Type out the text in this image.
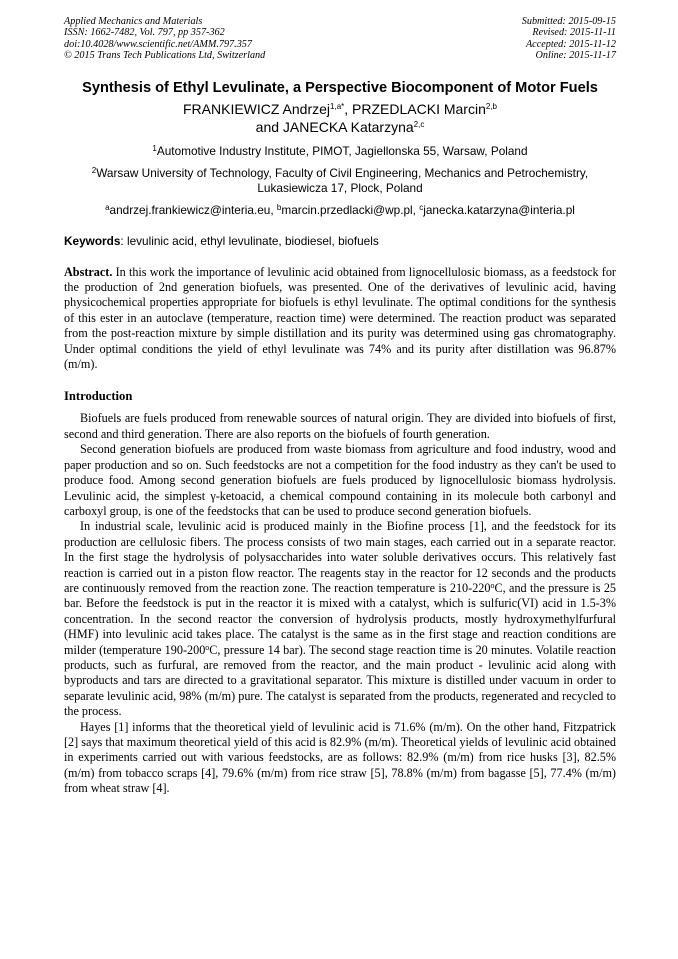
Applied Mechanics and Materials
ISSN: 1662-7482, Vol. 797, pp 357-362
doi:10.4028/www.scientific.net/AMM.797.357
© 2015 Trans Tech Publications Ltd, Switzerland
Submitted: 2015-09-15
Revised: 2015-11-11
Accepted: 2015-11-12
Online: 2015-11-17
Synthesis of Ethyl Levulinate, a Perspective Biocomponent of Motor Fuels
FRANKIEWICZ Andrzej$^{1,a*}$, PRZEDLACKI Marcin$^{2,b}$
and JANECKA Katarzyna$^{2,c}$
$^1$Automotive Industry Institute, PIMOT, Jagiellonska 55, Warsaw, Poland
$^2$Warsaw University of Technology, Faculty of Civil Engineering, Mechanics and Petrochemistry, Lukasiewicza 17, Plock, Poland
$^a$andrzej.frankiewicz@interia.eu, $^b$marcin.przedlacki@wp.pl, $^c$janecka.katarzyna@interia.pl
Keywords: levulinic acid, ethyl levulinate, biodiesel, biofuels
Abstract. In this work the importance of levulinic acid obtained from lignocellulosic biomass, as a feedstock for the production of 2nd generation biofuels, was presented. One of the derivatives of levulinic acid, having physicochemical properties appropriate for biofuels is ethyl levulinate. The optimal conditions for the synthesis of this ester in an autoclave (temperature, reaction time) were determined. The reaction product was separated from the post-reaction mixture by simple distillation and its purity was determined using gas chromatography. Under optimal conditions the yield of ethyl levulinate was 74% and its purity after distillation was 96.87% (m/m).
Introduction
Biofuels are fuels produced from renewable sources of natural origin. They are divided into biofuels of first, second and third generation. There are also reports on the biofuels of fourth generation.
Second generation biofuels are produced from waste biomass from agriculture and food industry, wood and paper production and so on. Such feedstocks are not a competition for the food industry as they can't be used to produce food. Among second generation biofuels are fuels produced by lignocellulosic biomass hydrolysis. Levulinic acid, the simplest γ-ketoacid, a chemical compound containing in its molecule both carbonyl and carboxyl group, is one of the feedstocks that can be used to produce second generation biofuels.
In industrial scale, levulinic acid is produced mainly in the Biofine process [1], and the feedstock for its production are cellulosic fibers. The process consists of two main stages, each carried out in a separate reactor. In the first stage the hydrolysis of polysaccharides into water soluble derivatives occurs. This relatively fast reaction is carried out in a piston flow reactor. The reagents stay in the reactor for 12 seconds and the products are continuously removed from the reaction zone. The reaction temperature is 210-220$^o$C, and the pressure is 25 bar. Before the feedstock is put in the reactor it is mixed with a catalyst, which is sulfuric(VI) acid in 1.5-3% concentration. In the second reactor the conversion of hydrolysis products, mostly hydroxymethylfurfural (HMF) into levulinic acid takes place. The catalyst is the same as in the first stage and reaction conditions are milder (temperature 190-200$^o$C, pressure 14 bar). The second stage reaction time is 20 minutes. Volatile reaction products, such as furfural, are removed from the reactor, and the main product - levulinic acid along with byproducts and tars are directed to a gravitational separator. This mixture is distilled under vacuum in order to separate levulinic acid, 98% (m/m) pure. The catalyst is separated from the products, regenerated and recycled to the process.
Hayes [1] informs that the theoretical yield of levulinic acid is 71.6% (m/m). On the other hand, Fitzpatrick [2] says that maximum theoretical yield of this acid is 82.9% (m/m). Theoretical yields of levulinic acid obtained in experiments carried out with various feedstocks, are as follows: 82.9% (m/m) from rice husks [3], 82.5% (m/m) from tobacco scraps [4], 79.6% (m/m) from rice straw [5], 78.8% (m/m) from bagasse [5], 77.4% (m/m) from wheat straw [4].
